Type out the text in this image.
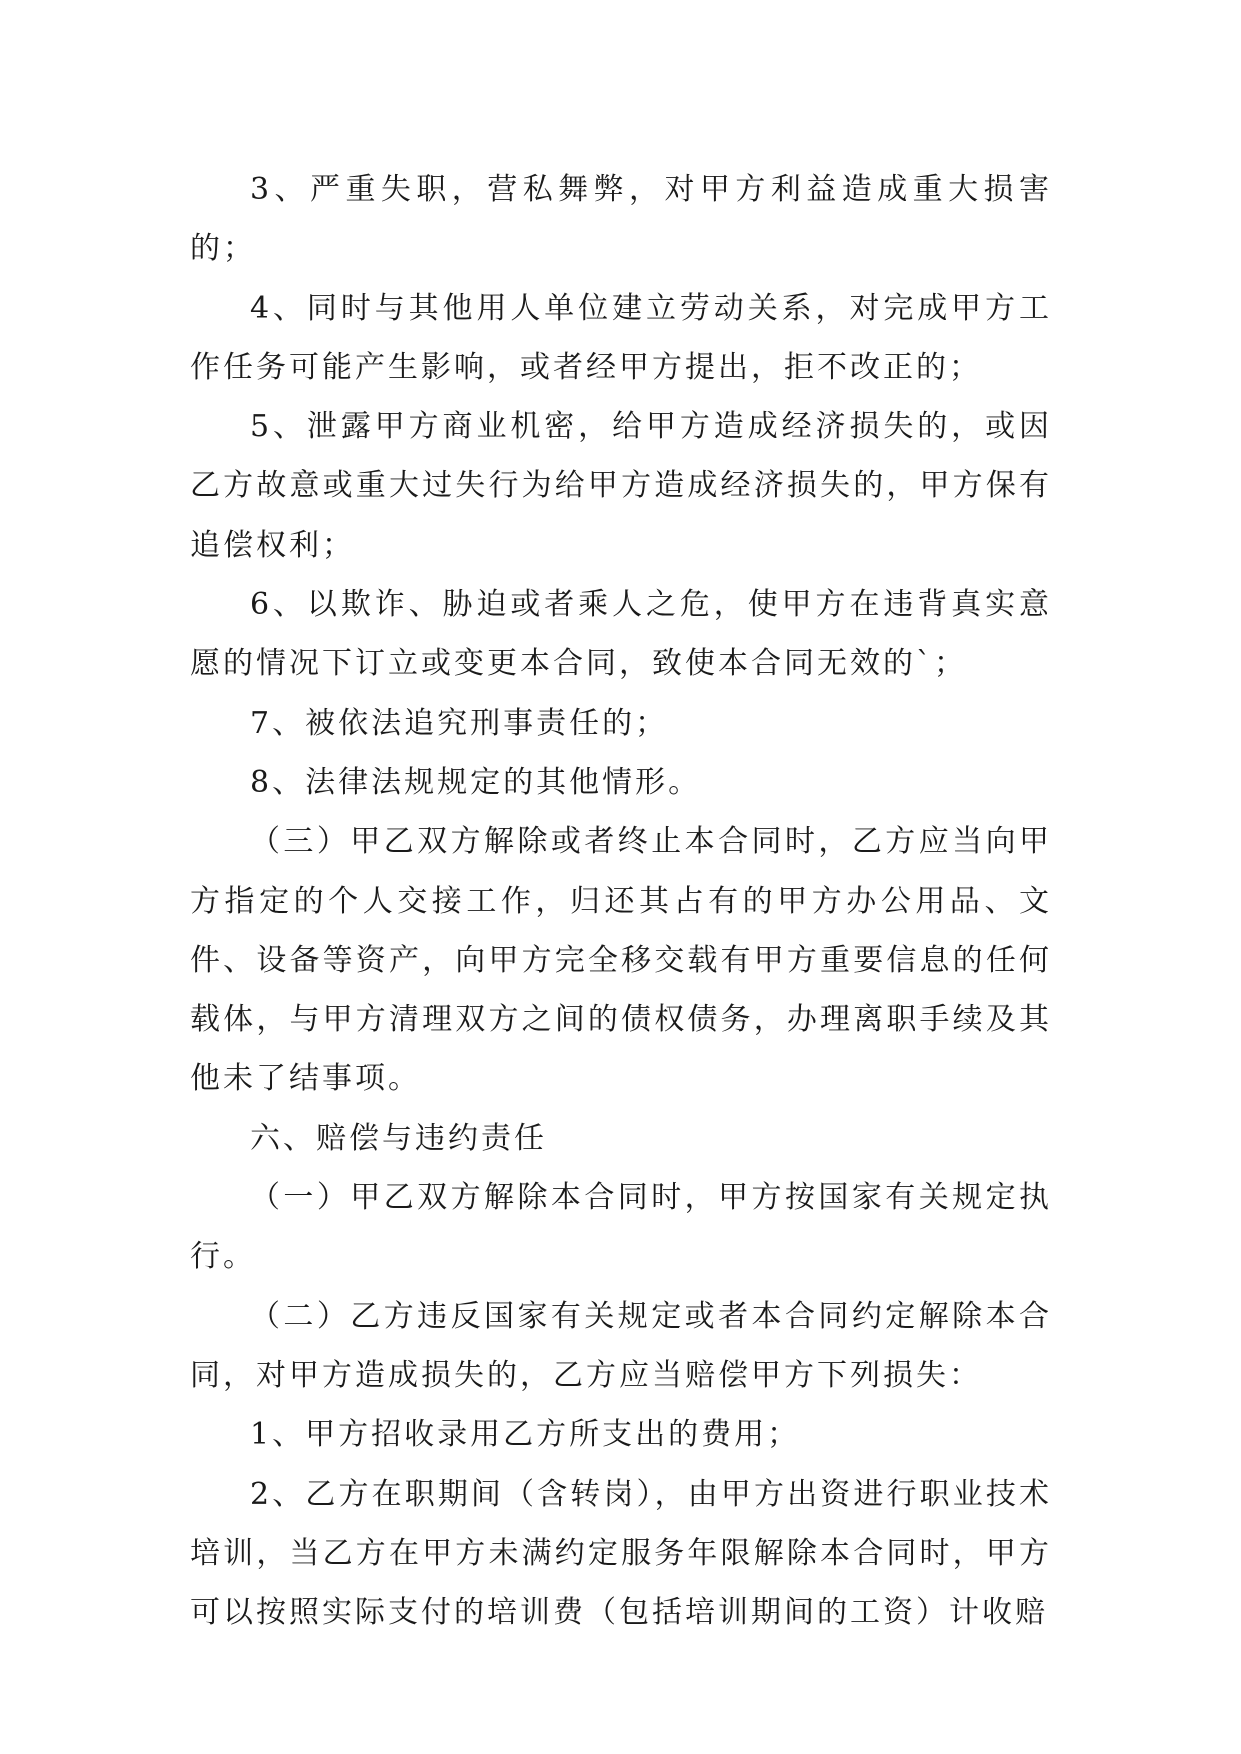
3、严重失职，营私舞弊，对甲方利益造成重大损害的；

4、同时与其他用人单位建立劳动关系，对完成甲方工作任务可能产生影响，或者经甲方提出，拒不改正的；

5、泄露甲方商业机密，给甲方造成经济损失的，或因乙方故意或重大过失行为给甲方造成经济损失的，甲方保有追偿权利；

6、以欺诈、胁迫或者乘人之危，使甲方在违背真实意愿的情况下订立或变更本合同，致使本合同无效的`；

7、被依法追究刑事责任的；

8、法律法规规定的其他情形。

（三）甲乙双方解除或者终止本合同时，乙方应当向甲方指定的个人交接工作，归还其占有的甲方办公用品、文件、设备等资产，向甲方完全移交载有甲方重要信息的任何载体，与甲方清理双方之间的债权债务，办理离职手续及其他未了结事项。

六、赔偿与违约责任

（一）甲乙双方解除本合同时，甲方按国家有关规定执行。

（二）乙方违反国家有关规定或者本合同约定解除本合同，对甲方造成损失的，乙方应当赔偿甲方下列损失：

1、甲方招收录用乙方所支出的费用；

2、乙方在职期间（含转岗），由甲方出资进行职业技术培训，当乙方在甲方未满约定服务年限解除本合同时，甲方可以按照实际支付的培训费（包括培训期间的工资）计收赔
